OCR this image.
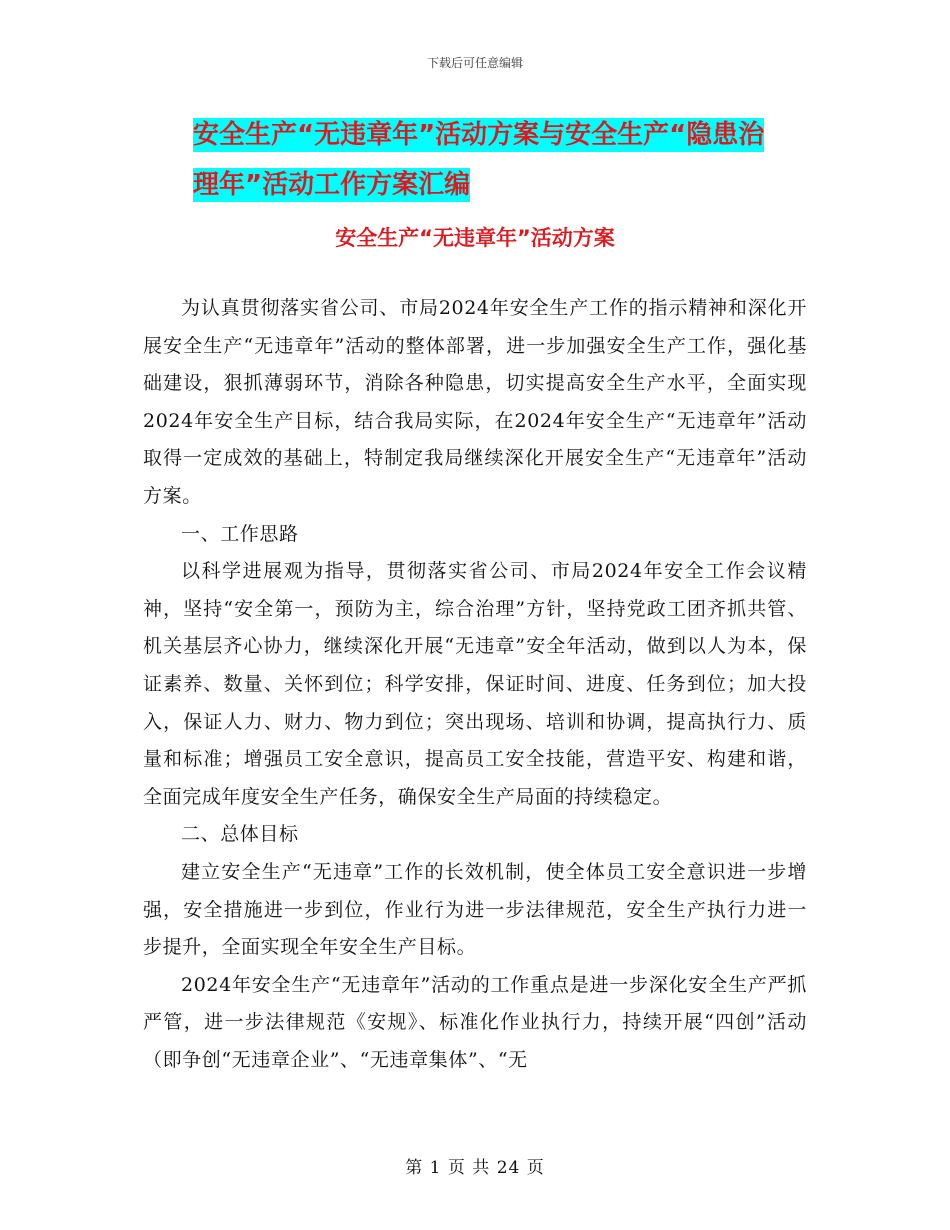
下载后可任意编辑
安全生产“无违章年”活动方案与安全生产“隐患治
理年”活动工作方案汇编
安全生产“无违章年”活动方案

为认真贯彻落实省公司、市局2024年安全生产工作的指示精神和深化开展安全生产“无违章年”活动的整体部署，进一步加强安全生产工作，强化基础建设，狠抓薄弱环节，消除各种隐患，切实提高安全生产水平，全面实现2024年安全生产目标，结合我局实际，在2024年安全生产“无违章年”活动取得一定成效的基础上，特制定我局继续深化开展安全生产“无违章年”活动方案。

一、工作思路

以科学进展观为指导，贯彻落实省公司、市局2024年安全工作会议精神，坚持“安全第一，预防为主，综合治理”方针，坚持党政工团齐抓共管、机关基层齐心协力，继续深化开展“无违章”安全年活动，做到以人为本，保证素养、数量、关怀到位；科学安排，保证时间、进度、任务到位；加大投入，保证人力、财力、物力到位；突出现场、培训和协调，提高执行力、质量和标准；增强员工安全意识，提高员工安全技能，营造平安、构建和谐，全面完成年度安全生产任务，确保安全生产局面的持续稳定。

二、总体目标

建立安全生产“无违章”工作的长效机制，使全体员工安全意识进一步增强，安全措施进一步到位，作业行为进一步法律规范，安全生产执行力进一步提升，全面实现全年安全生产目标。

2024年安全生产“无违章年”活动的工作重点是进一步深化安全生产严抓严管，进一步法律规范《安规》、标准化作业执行力，持续开展“四创”活动（即争创“无违章企业”、“无违章集体”、“无

第 1 页 共 24 页
